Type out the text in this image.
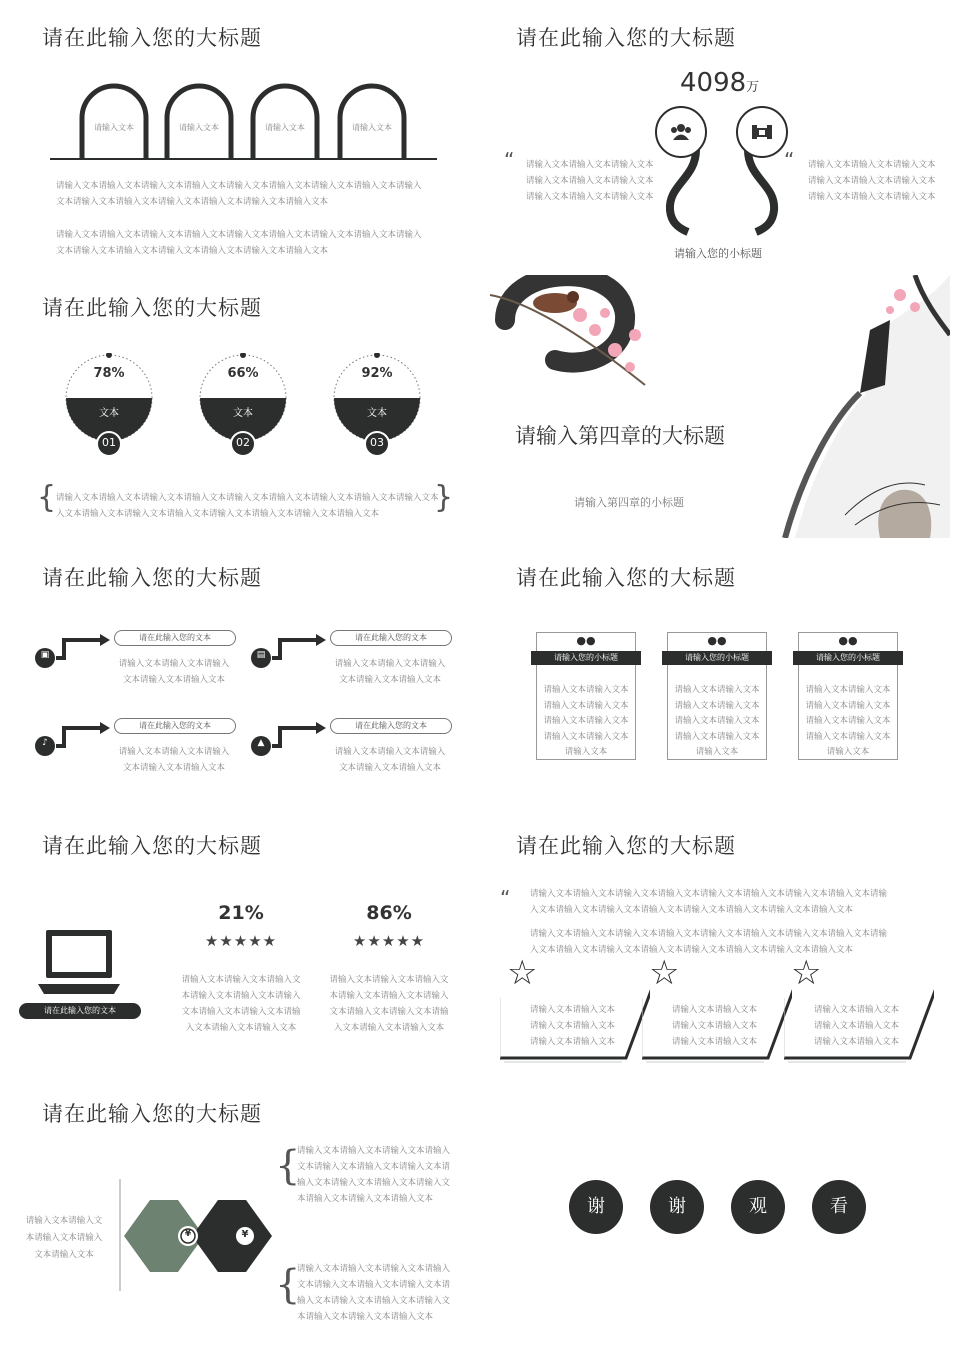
请在此输入您的大标题
请输入文本	请输入文本	请输入文本	请输入文本
请输入文本请输入文本请输入文本请输入文本请输入文本请输入文本请输入文本请输入文本请输入文本请输入文本请输入文本请输入文本请输入文本请输入文本请输入文本
请输入文本请输入文本请输入文本请输入文本请输入文本请输入文本请输入文本请输入文本请输入文本请输入文本请输入文本请输入文本请输入文本请输入文本请输入文本
请在此输入您的大标题
4098万
“ 请输入文本请输入文本请输入文本
请输入文本请输入文本请输入文本
请输入文本请输入文本请输入文本
“ 请输入文本请输入文本请输入文本
请输入文本请输入文本请输入文本
请输入文本请输入文本请输入文本
请输入您的小标题
请在此输入您的大标题
78%
文本
01
66%
文本
02
92%
文本
03
{	}
请输入文本请输入文本请输入文本请输入文本请输入文本请输入文本请输入文本请输入文本请输入文本
入文本请输入文本请输入文本请输入文本请输入文本请输入文本请输入文本请输入文本
请输入第四章的大标题
请输入第四章的小标题
请在此输入您的大标题
▣
请在此输入您的文本
请输入文本请输入文本请输入
文本请输入文本请输入文本
▤
请在此输入您的文本
请输入文本请输入文本请输入
文本请输入文本请输入文本
♪
请在此输入您的文本
请输入文本请输入文本请输入
文本请输入文本请输入文本
▲
请在此输入您的文本
请输入文本请输入文本请输入
文本请输入文本请输入文本
请在此输入您的大标题
●●
请输入您的小标题
请输入文本请输入文本
请输入文本请输入文本
请输入文本请输入文本
请输入文本请输入文本
请输入文本
●●
请输入您的小标题
请输入文本请输入文本
请输入文本请输入文本
请输入文本请输入文本
请输入文本请输入文本
请输入文本
●●
请输入您的小标题
请输入文本请输入文本
请输入文本请输入文本
请输入文本请输入文本
请输入文本请输入文本
请输入文本
请在此输入您的大标题
请在此输入您的文本
21%
★★★★★
请输入文本请输入文本请输入文
本请输入文本请输入文本请输入
文本请输入文本请输入文本请输
入文本请输入文本请输入文本
86%
★★★★★
请输入文本请输入文本请输入文
本请输入文本请输入文本请输入
文本请输入文本请输入文本请输
入文本请输入文本请输入文本
请在此输入您的大标题
“ 请输入文本请输入文本请输入文本请输入文本请输入文本请输入文本请输入文本请输入文本请输
入文本请输入文本请输入文本请输入文本请输入文本请输入文本请输入文本请输入文本
请输入文本请输入文本请输入文本请输入文本请输入文本请输入文本请输入文本请输入文本请输
入文本请输入文本请输入文本请输入文本请输入文本请输入文本请输入文本请输入文本
☆
请输入文本请输入文本
请输入文本请输入文本
请输入文本请输入文本
☆
请输入文本请输入文本
请输入文本请输入文本
请输入文本请输入文本
☆
请输入文本请输入文本
请输入文本请输入文本
请输入文本请输入文本
请在此输入您的大标题
请输入文本请输入文
本请输入文本请输入
文本请输入文本
¥	¥
{
请输入文本请输入文本请输入文本请输入
文本请输入文本请输入文本请输入文本请
输入文本请输入文本请输入文本请输入文
本请输入文本请输入文本请输入文本
{
请输入文本请输入文本请输入文本请输入
文本请输入文本请输入文本请输入文本请
输入文本请输入文本请输入文本请输入文
本请输入文本请输入文本请输入文本
谢	谢	观	看
